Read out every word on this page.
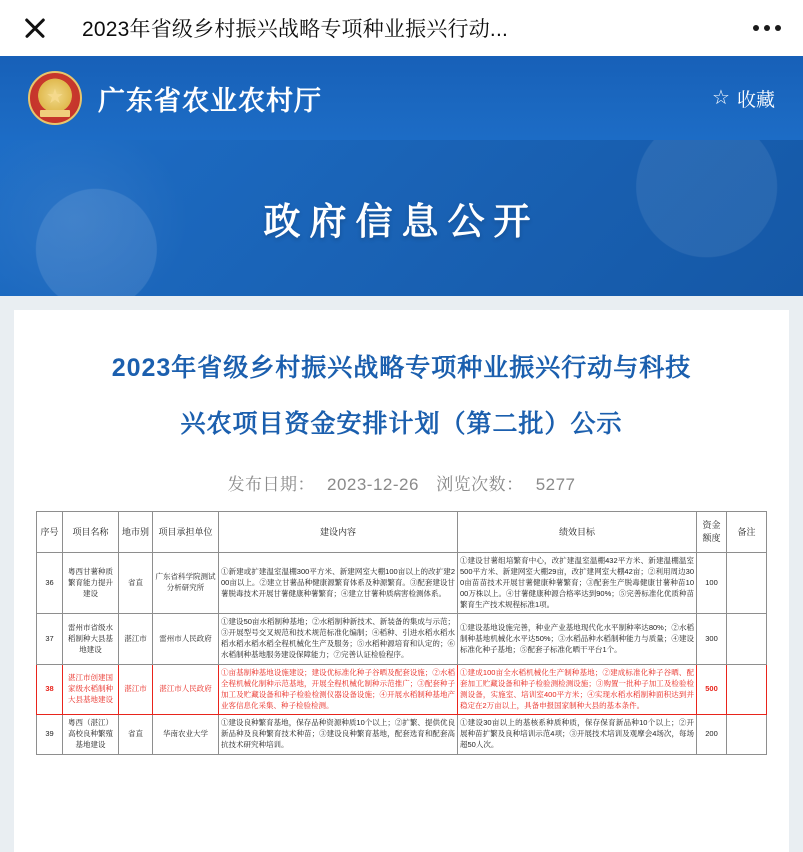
2023年省级乡村振兴战略专项种业振兴行动...
★
广东省农业农村厅	☆ 收藏
政府信息公开
2023年省级乡村振兴战略专项种业振兴行动与科技
兴农项目资金安排计划（第二批）公示
发布日期： 2023-12-26 浏览次数： 5277
序号	项目名称	地市别	项目承担单位	建设内容	绩效目标	资金额度	备注
36	粤西甘薯种质繁育能力提升建设	省直	广东省科学院测试分析研究所	①新建或扩建温室温棚300平方米、新建网室大棚100亩以上的改扩建200亩以上。②建立甘薯品种健康源繁育体系及种源繁育。③配套建设甘薯脱毒技术开展甘薯健康种薯繁育；④建立甘薯种质病害检测体系。	①建设甘薯组培繁育中心，改扩建温室温棚432平方米、新建温棚温室500平方米、新建网室大棚29亩，改扩建网室大棚42亩；②利用周边300亩苗苗技术开展甘薯健康种薯繁育；③配套生产脱毒健康甘薯种苗1000万株以上。④甘薯健康种源合格率达到90%；⑤完善标准化优质种苗繁育生产技术规程标准1项。	100	
37	雷州市省级水稻制种大县基地建设	湛江市	雷州市人民政府	①建设50亩水稻制种基地；②水稻制种新技术、新装备的集成与示范；③开展型号交叉规范和技术规范标准化编制；④稻种、引进水稻水稻水稻水稻水稻水稻全程机械化生产及服务；⑤水稻种源培育和认定的；⑥水稻制种基地服务建设保障能力；⑦完善认证检验程序。	①建设基地设施完善，种业产业基地现代化水平制种率达80%；②水稻制种基地机械化水平达50%；③水稻品种水稻制种能力与质量；④建设标准化种子基地；⑤配套子标准化晒干平台1个。	300	
38	湛江市创建国家级水稻制种大县基地建设	湛江市	湛江市人民政府	①亩基制种基地设施建设；建设优标准化种子谷晒及配套设施；②水稻全程机械化制种示范基地，开展全程机械化制种示范推广；③配套种子加工及贮藏设备和种子检验检测仪器设备设施；④开展水稻制种基地产业客信息化采集、种子检验检测。	①建成100亩全水稻机械化生产制种基地；②建成标准化种子谷晒、配套加工贮藏设备和种子检验测检测设施；③购置一批种子加工及检验检测设备，实施室、培训室400平方米；④实现水稻水稻制种面积达到并稳定在2万亩以上，具备申报国家制种大县的基本条件。	500	
39	粤西（湛江）高校良种繁殖基地建设	省直	华南农业大学	①建设良种繁育基地，保存品种资源种质10个以上；②扩繁、提供优良新品种及良种繁育技术种苗；③建设良种繁育基地，配套选育和配套高抗技术研究种培训。	①建设30亩以上的基核系种质种质，保存保育新品种10个以上；②开展种苗扩繁及良种培训示范4项；③开展技术培训及观摩会4场次，每场超50人次。	200	
